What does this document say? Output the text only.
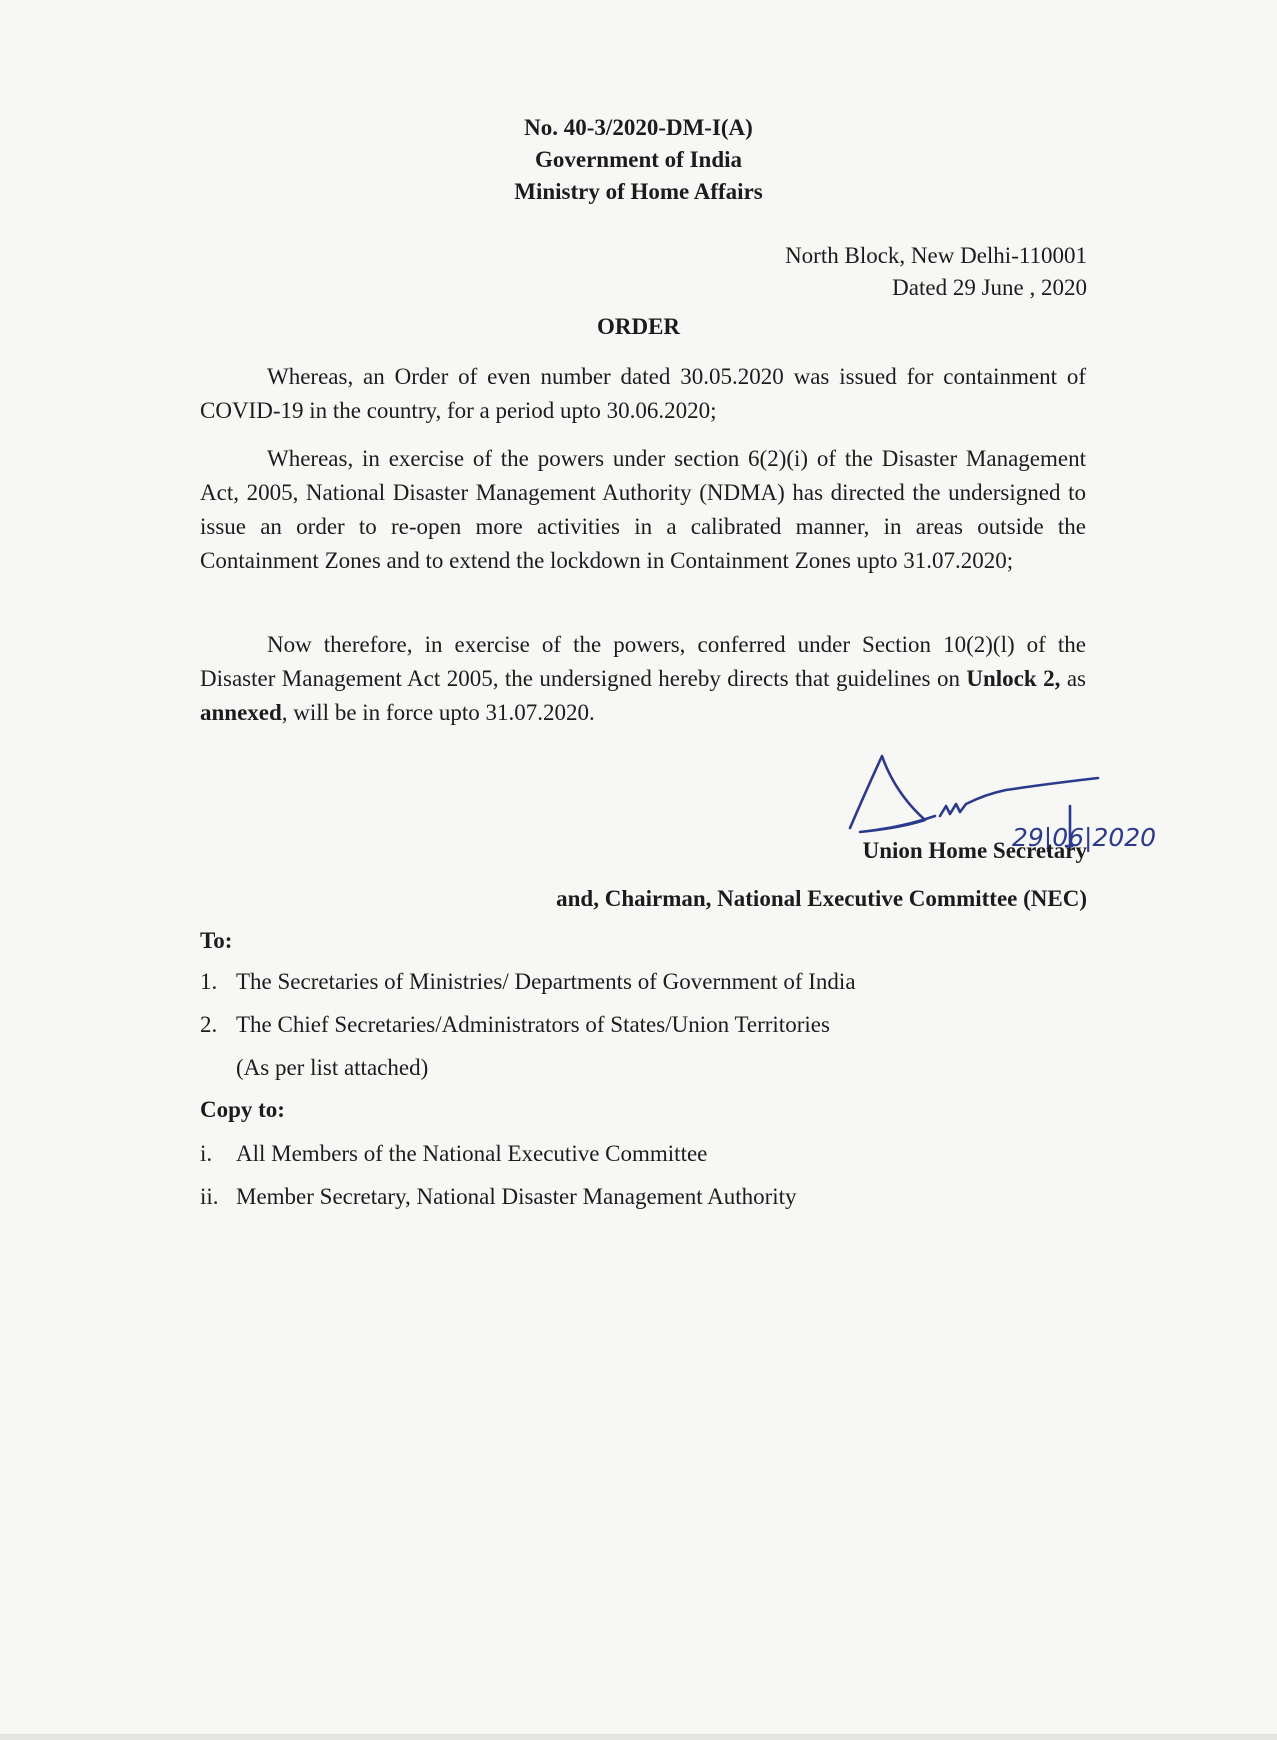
No. 40-3/2020-DM-I(A)
Government of India
Ministry of Home Affairs
North Block, New Delhi-110001
Dated 29 June , 2020
ORDER

Whereas, an Order of even number dated 30.05.2020 was issued for containment of COVID-19 in the country, for a period upto 30.06.2020;

Whereas, in exercise of the powers under section 6(2)(i) of the Disaster Management Act, 2005, National Disaster Management Authority (NDMA) has directed the undersigned to issue an order to re-open more activities in a calibrated manner, in areas outside the Containment Zones and to extend the lockdown in Containment Zones upto 31.07.2020;

Now therefore, in exercise of the powers, conferred under Section 10(2)(l) of the Disaster Management Act 2005, the undersigned hereby directs that guidelines on Unlock 2, as annexed, will be in force upto 31.07.2020.

29|06|2020
Union Home Secretary
and, Chairman, National Executive Committee (NEC)
To:
1. The Secretaries of Ministries/ Departments of Government of India
2. The Chief Secretaries/Administrators of States/Union Territories
(As per list attached)
Copy to:
i.	All Members of the National Executive Committee
ii. Member Secretary, National Disaster Management Authority
